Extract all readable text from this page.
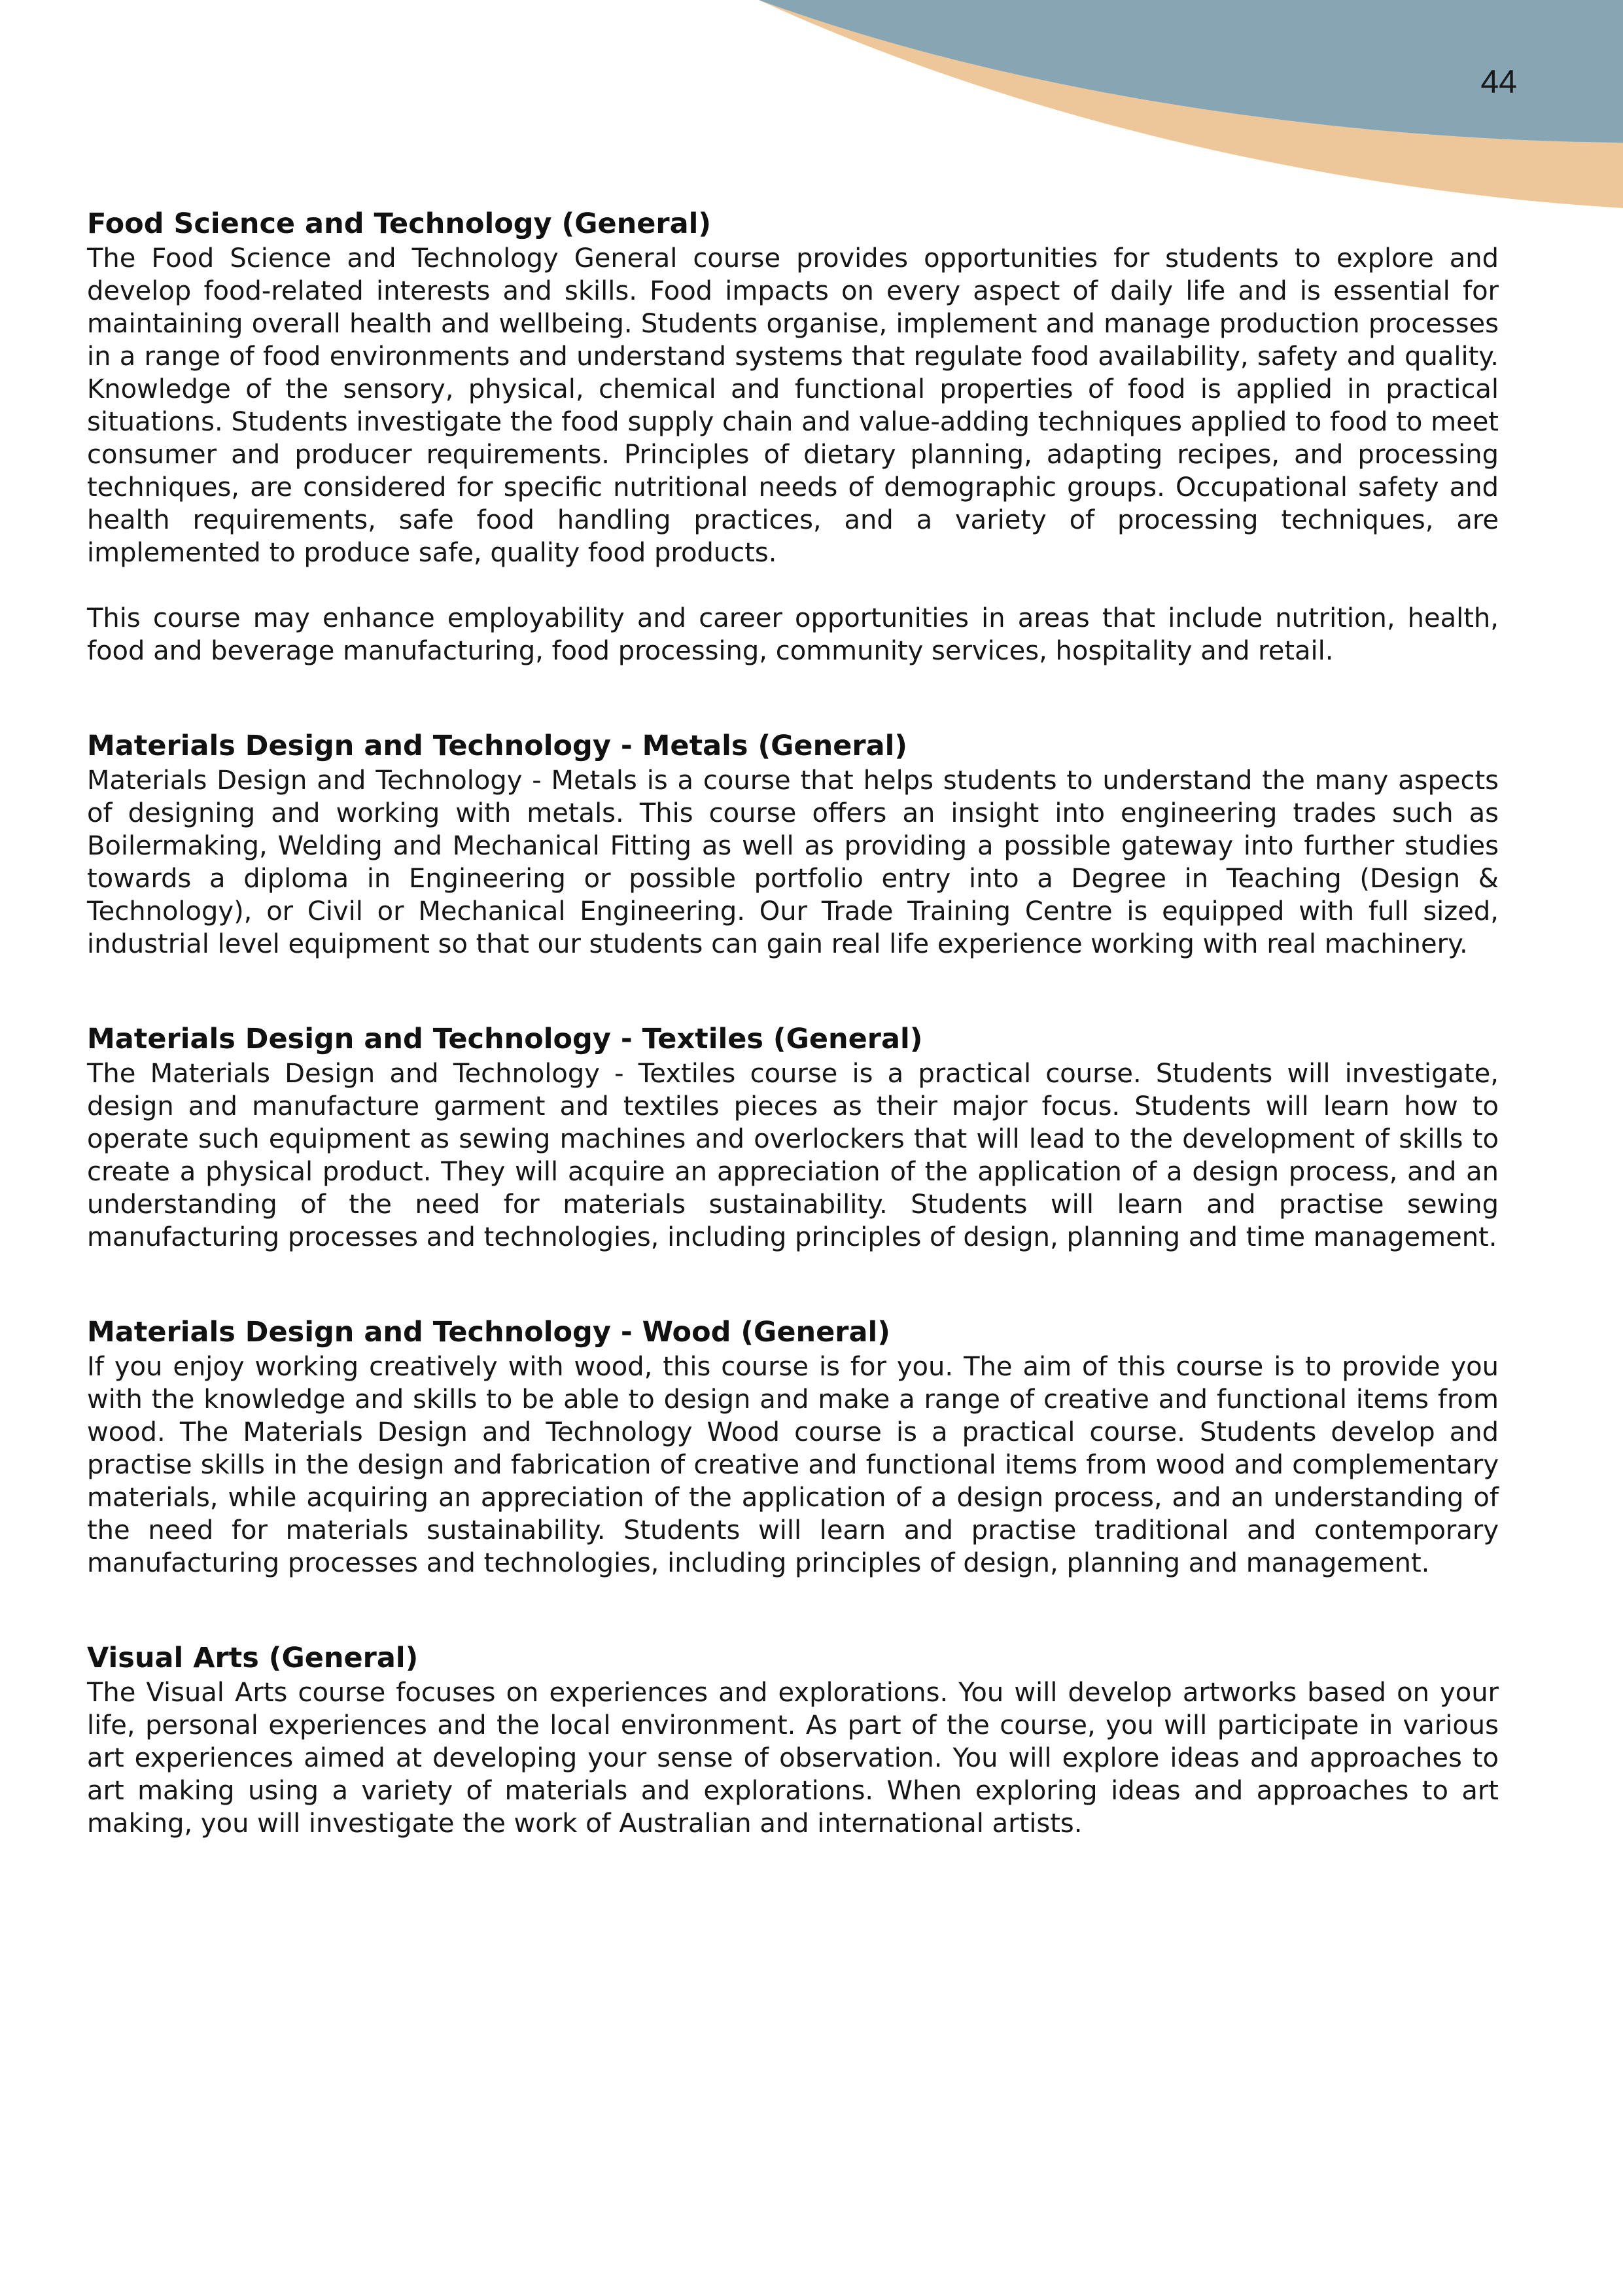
44
Food Science and Technology (General)

The Food Science and Technology General course provides opportunities for students to explore and develop food-related interests and skills. Food impacts on every aspect of daily life and is essential for maintaining overall health and wellbeing. Students organise, implement and manage production processes in a range of food environments and understand systems that regulate food availability, safety and quality. Knowledge of the sensory, physical, chemical and functional properties of food is applied in practical situations. Students investigate the food supply chain and value-adding techniques applied to food to meet consumer and producer requirements. Principles of dietary planning, adapting recipes, and processing techniques, are considered for specific nutritional needs of demographic groups. Occupational safety and health requirements, safe food handling practices, and a variety of processing techniques, are implemented to produce safe, quality food products.

This course may enhance employability and career opportunities in areas that include nutrition, health, food and beverage manufacturing, food processing, community services, hospitality and retail.

Materials Design and Technology - Metals (General)

Materials Design and Technology - Metals is a course that helps students to understand the many aspects of designing and working with metals. This course offers an insight into engineering trades such as Boilermaking, Welding and Mechanical Fitting as well as providing a possible gateway into further studies towards a diploma in Engineering or possible portfolio entry into a Degree in Teaching (Design & Technology), or Civil or Mechanical Engineering. Our Trade Training Centre is equipped with full sized, industrial level equipment so that our students can gain real life experience working with real machinery.

Materials Design and Technology - Textiles (General)

The Materials Design and Technology - Textiles course is a practical course. Students will investigate, design and manufacture garment and textiles pieces as their major focus. Students will learn how to operate such equipment as sewing machines and overlockers that will lead to the development of skills to create a physical product. They will acquire an appreciation of the application of a design process, and an understanding of the need for materials sustainability. Students will learn and practise sewing manufacturing processes and technologies, including principles of design, planning and time management.

Materials Design and Technology - Wood (General)

If you enjoy working creatively with wood, this course is for you. The aim of this course is to provide you with the knowledge and skills to be able to design and make a range of creative and functional items from wood. The Materials Design and Technology Wood course is a practical course. Students develop and practise skills in the design and fabrication of creative and functional items from wood and complementary materials, while acquiring an appreciation of the application of a design process, and an understanding of the need for materials sustainability. Students will learn and practise traditional and contemporary manufacturing processes and technologies, including principles of design, planning and management.

Visual Arts (General)

The Visual Arts course focuses on experiences and explorations. You will develop artworks based on your life, personal experiences and the local environment. As part of the course, you will participate in various art experiences aimed at developing your sense of observation. You will explore ideas and approaches to art making using a variety of materials and explorations. When exploring ideas and approaches to art making, you will investigate the work of Australian and international artists.
